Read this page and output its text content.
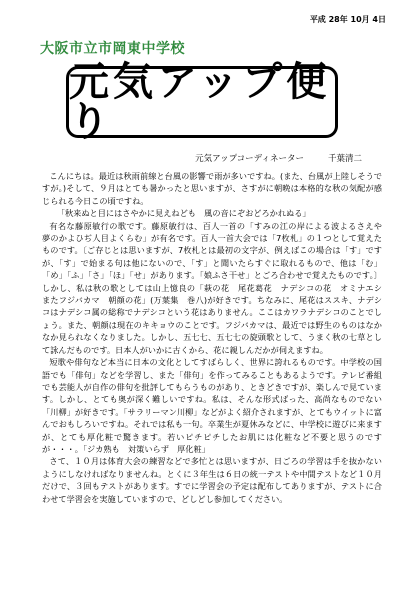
平成 28年 10月 4日
大阪市立市岡東中学校
元気アップ便り
元気アップコーディネーター	千葉清二

こんにちは。最近は秋雨前線と台風の影響で雨が多いですね。(また、台風が上陸しそうですが。)そして、９月はとても暑かったと思いますが、さすがに朝晩は本格的な秋の気配が感じられる今日この頃ですね。

「秋来ぬと目にはさやかに見えねども　風の音にぞおどろかれぬる」

有名な藤原敏行の歌です。藤原敏行は、百人一首の「すみの江の岸による波よるさえや　夢のかよひぢ人目よくらむ」が有名です。百人一首大会では「7枚札」の１つとして覚えたものです。〔ご存じとは思いますが、7枚札とは最初の文字が、例えばこの場合は「す」ですが、「す」で始まる句は他にないので、「す」と聞いたらすぐに取れるもので、他は「む」「め」「ふ」「さ」「ほ」「せ」があります。「娘ふさ干せ」とごろ合わせで覚えたものです。〕しかし、私は秋の歌としては山上憶良の「萩の花　尾花葛花　ナデシコの花　オミナエシ　またフジバカマ　朝顔の花」(万葉集　巻八)が好きです。ちなみに、尾花はススキ、ナデシコはナデシコ属の総称でナデシコという花はありません。ここはカワラナデシコのことでしょう。また、朝顔は現在のキキョウのことです。フジバカマは、最近では野生のものはなかなか見られなくなりました。しかし、五七七、五七七の旋頭歌として、うまく秋の七草として詠んだものです。日本人がいかに古くから、花に親しんだかが伺えますね。

短歌や俳句など本当に日本の文化としてすばらしく、世界に誇れるものです。中学校の国語でも「俳句」などを学習し、また「俳句」を作ってみることもあるようです。テレビ番組でも芸能人が自作の俳句を批評してもらうものがあり、ときどきですが、楽しんで見ています。しかし、とても奥が深く難しいですね。私は、そんな形式ばった、高尚なものでない「川柳」が好きです。「サラリーマン川柳」などがよく紹介されますが、とてもウイットに富んでおもしろいですね。それでは私も一句。卒業生が夏休みなどに、中学校に遊びに来ますが、とても厚化粧で驚きます。若いピチピチしたお肌には化粧など不要と思うのですが・・・。「ジカ熟も　対策いらず　厚化粧」

さて、１０月は体育大会の練習などで多忙とは思いますが、日ごろの学習は手を抜かないようにしなければなりませんね。とくに３年生は６日の統一テストや中間テストなど１０月だけで、３回もテストがあります。すでに学習会の予定は配布してありますが、テストに合わせて学習会を実施していますので、どしどし参加してください。
